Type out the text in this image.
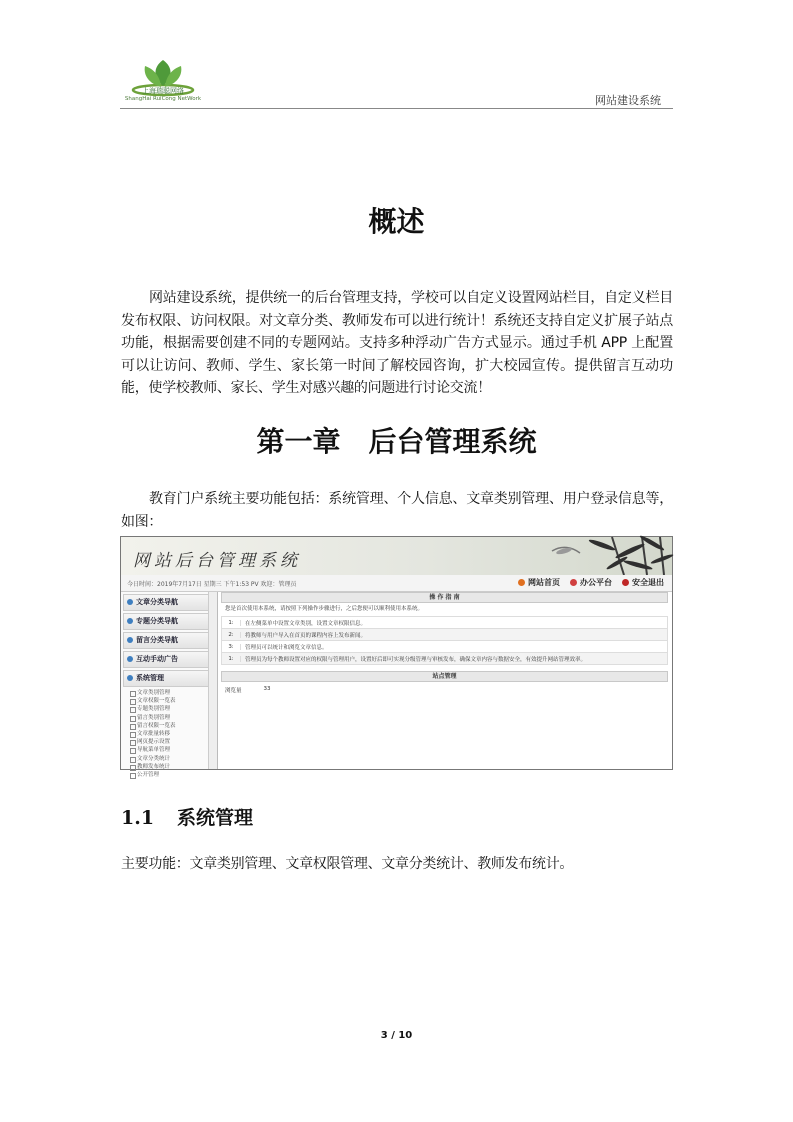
上海瑞聪网络
ShangHai RuiCong NetWork	网站建设系统
概述
网站建设系统，提供统一的后台管理支持，学校可以自定义设置网站栏目，自定义栏目发布权限、访问权限。对文章分类、教师发布可以进行统计！系统还支持自定义扩展子站点功能，根据需要创建不同的专题网站。支持多种浮动广告方式显示。通过手机 APP 上配置可以让访问、教师、学生、家长第一时间了解校园咨询，扩大校园宣传。提供留言互动功能，使学校教师、家长、学生对感兴趣的问题进行讨论交流！
第一章　后台管理系统
教育门户系统主要功能包括：系统管理、个人信息、文章类别管理、用户登录信息等，如图：
网站后台管理系统
今日时间：2019年7月17日 星期三 下午1:53 PV 欢迎：管理员	网站首页	办公平台	安全退出
文章分类导航
专题分类导航
留言分类导航
互动手动广告
系统管理
文章类别管理
文章权限一览表
专题类别管理
留言类别管理
留言权限一览表
文章批量转移
网页提示设置
导航菜单管理
文章分类统计
教师发布统计
公开管理
操 作 指 南
您是首次使用本系统，请按照下列操作步骤进行，之后您便可以顺利使用本系统。
1:	在左侧菜单中设置文章类别，设置文章权限信息。
2:	将教师与用户导入在首页的课程内容上发布新闻。
3:	管理员可以统计和浏览文章信息。
1:	管理员为每个教师设置对应的权限与管理用户，设置好后即可实现分级管理与审核发布，确保文章内容与数据安全，有效提升网站管理效率。
站点管理
浏览量	33
1.1 系统管理
主要功能：文章类别管理、文章权限管理、文章分类统计、教师发布统计。
3 / 10
